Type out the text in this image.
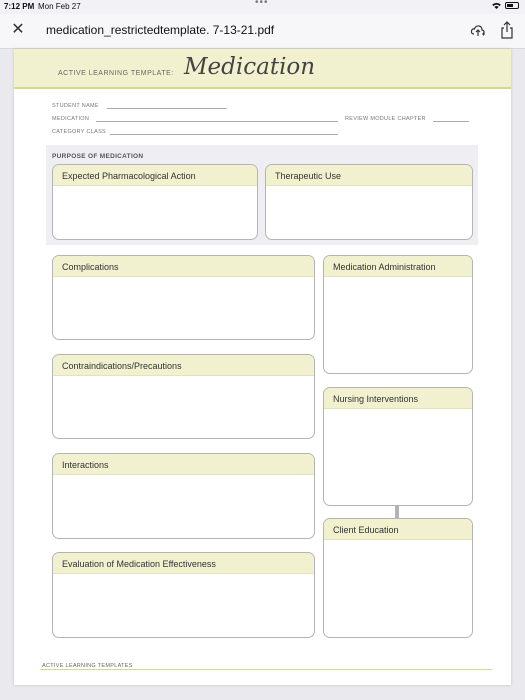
7:12 PM Mon Feb 27	•••
✕ medication_restrictedtemplate. 7-13-21.pdf
ACTIVE LEARNING TEMPLATE: Medication
STUDENT NAME
MEDICATION	REVIEW MODULE CHAPTER
CATEGORY CLASS
PURPOSE OF MEDICATION
Expected Pharmacological Action	Therapeutic Use
Complications	Medication Administration
Contraindications/Precautions
Nursing Interventions
Interactions
Client Education
Evaluation of Medication Effectiveness
ACTIVE LEARNING TEMPLATES
